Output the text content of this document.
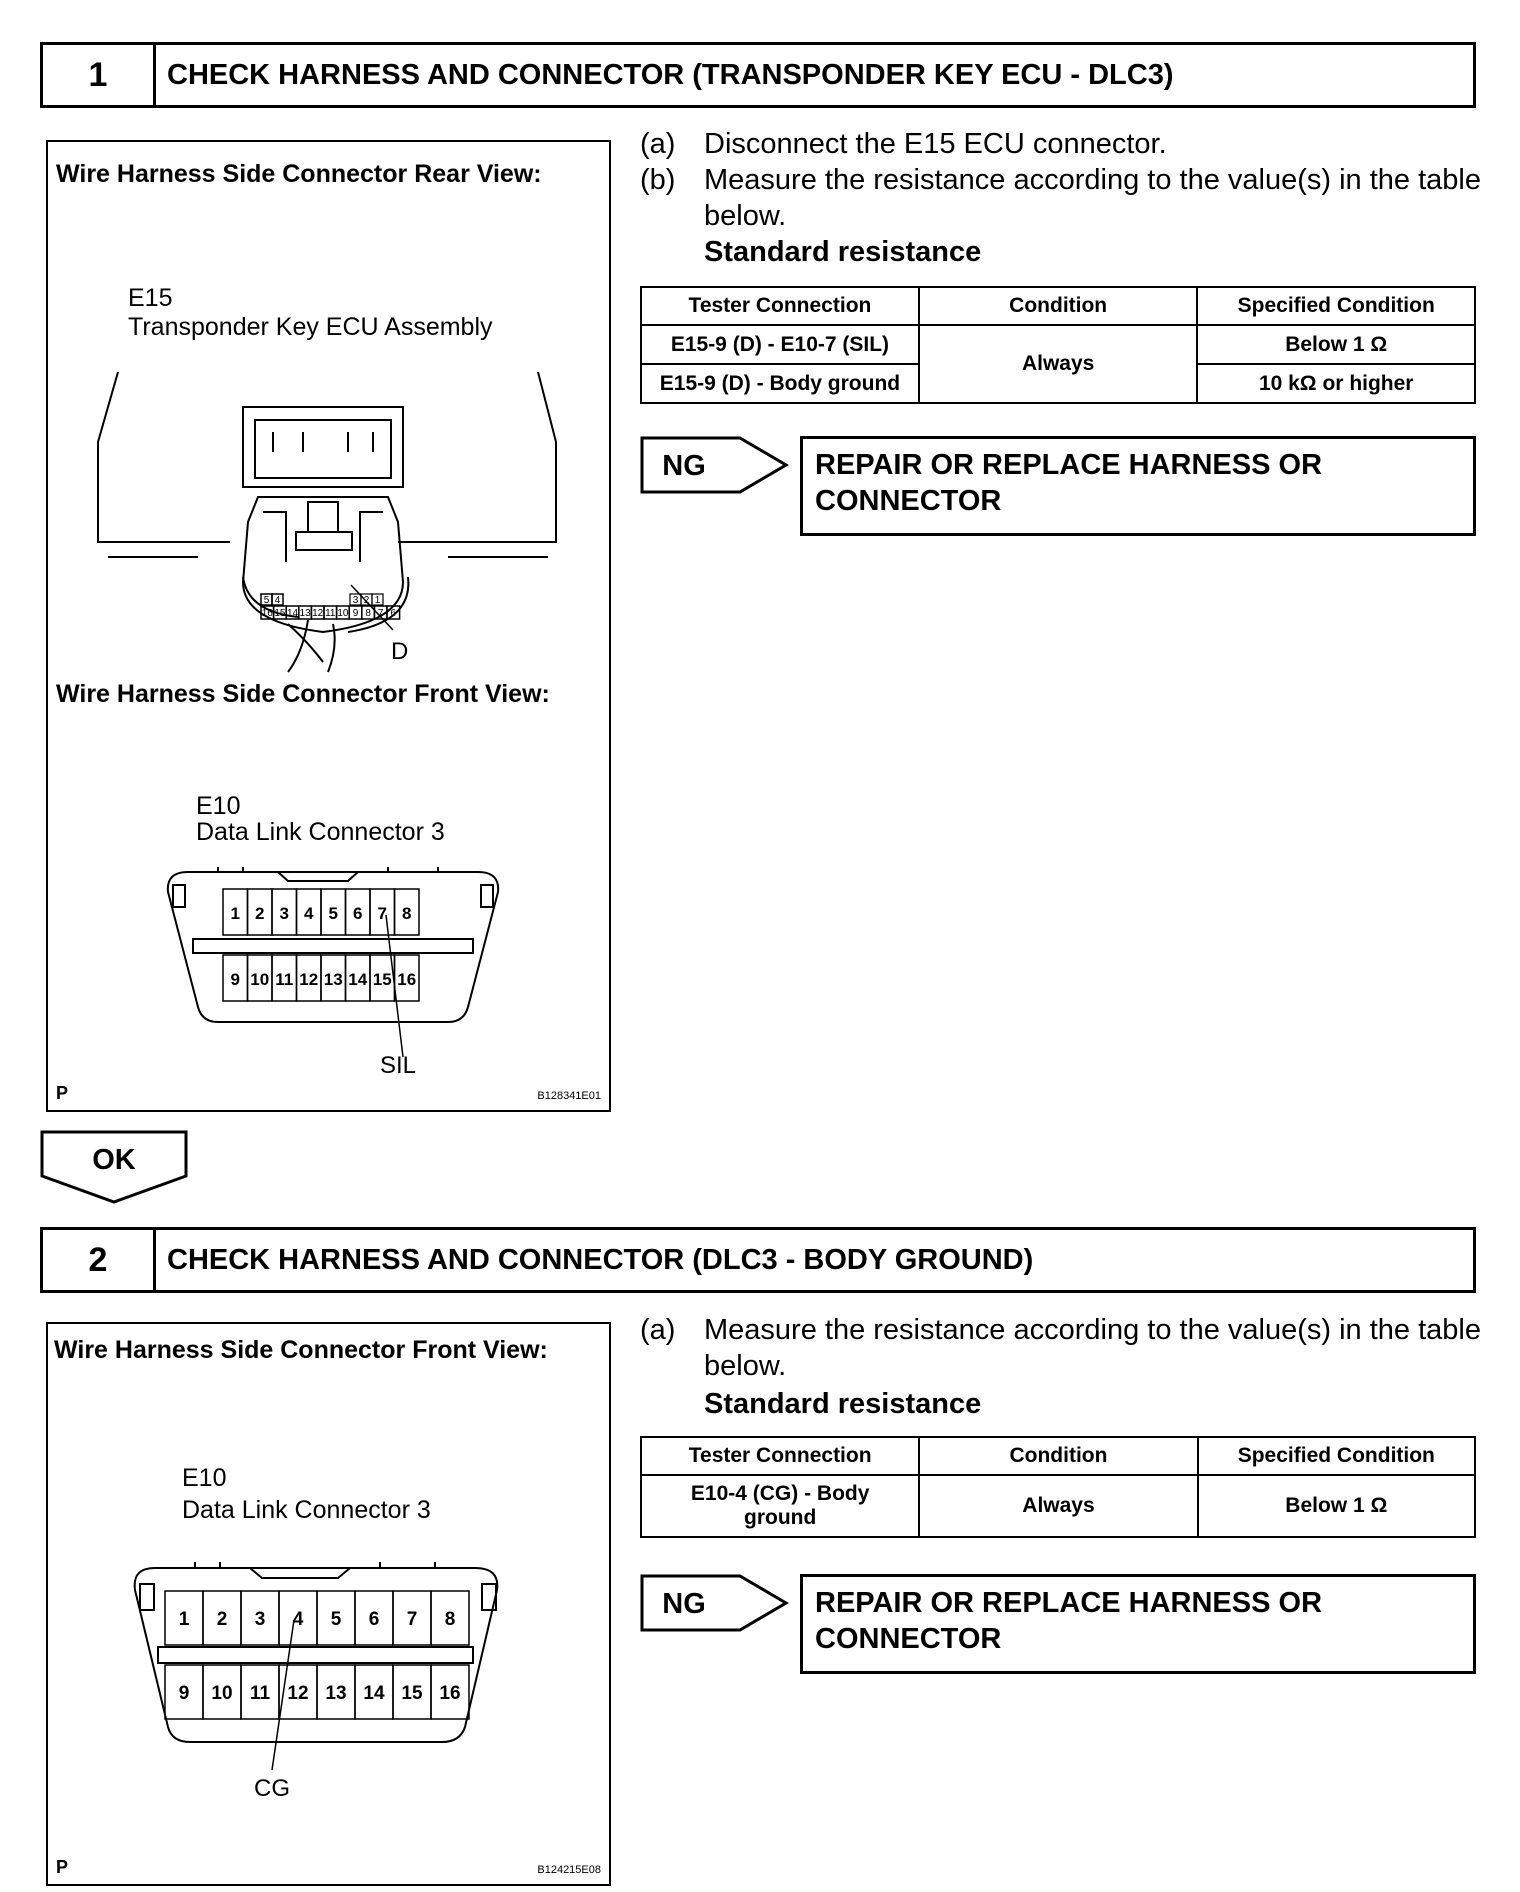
1	CHECK HARNESS AND CONNECTOR (TRANSPONDER KEY ECU - DLC3)
Wire Harness Side Connector Rear View:
E15
Transponder Key ECU Assembly
5 4	3 2 1
16 15 14 13 12 11 10 9 8 7 6
D
Wire Harness Side Connector Front View:
E10
Data Link Connector 3
1 2 3 4 5 6 7 8
9 10 11 12 13 14 15 16
SIL
P	B128341E01
(a) Disconnect the E15 ECU connector.
(b) Measure the resistance according to the value(s) in the table below.
Standard resistance
Tester Connection	Condition	Specified Condition
E15-9 (D) - E10-7 (SIL)	Always	Below 1 Ω
E15-9 (D) - Body ground		10 kΩ or higher
NG	REPAIR OR REPLACE HARNESS OR CONNECTOR
OK
2	CHECK HARNESS AND CONNECTOR (DLC3 - BODY GROUND)
Wire Harness Side Connector Front View:
E10
Data Link Connector 3
1 2 3 4 5 6 7 8
9 10 11 12 13 14 15 16
CG
P	B124215E08
(a) Measure the resistance according to the value(s) in the table below.
Standard resistance
Tester Connection	Condition	Specified Condition
E10-4 (CG) - Body ground	Always	Below 1 Ω
NG	REPAIR OR REPLACE HARNESS OR CONNECTOR
